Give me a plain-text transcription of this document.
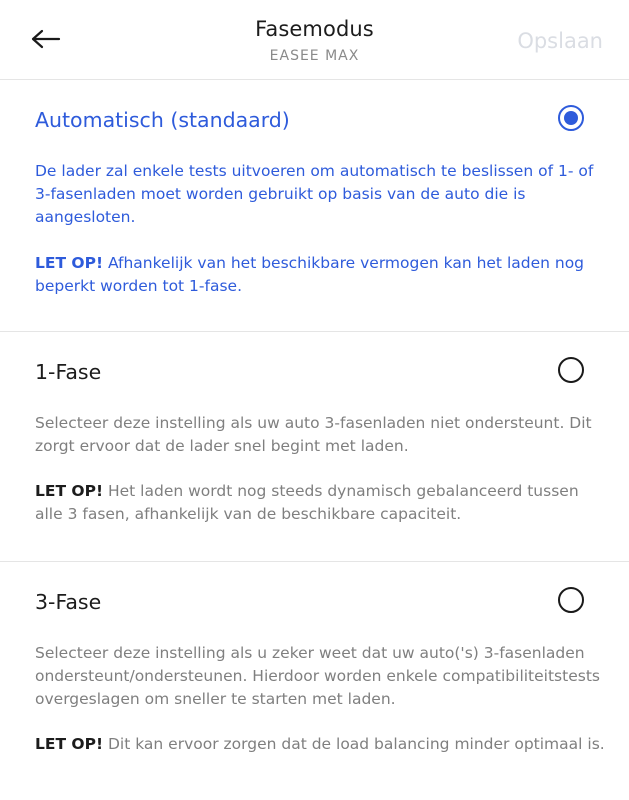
Fasemodus
EASEE MAX
Opslaan
Automatisch (standaard)
De lader zal enkele tests uitvoeren om automatisch te beslissen of 1- of 3-fasenladen moet worden gebruikt op basis van de auto die is aangesloten.
LET OP! Afhankelijk van het beschikbare vermogen kan het laden nog beperkt worden tot 1-fase.
1-Fase
Selecteer deze instelling als uw auto 3-fasenladen niet ondersteunt. Dit zorgt ervoor dat de lader snel begint met laden.
LET OP! Het laden wordt nog steeds dynamisch gebalanceerd tussen alle 3 fasen, afhankelijk van de beschikbare capaciteit.
3-Fase
Selecteer deze instelling als u zeker weet dat uw auto('s) 3-fasenladen ondersteunt/ondersteunen. Hierdoor worden enkele compatibiliteitstests overgeslagen om sneller te starten met laden.
LET OP! Dit kan ervoor zorgen dat de load balancing minder optimaal is.
